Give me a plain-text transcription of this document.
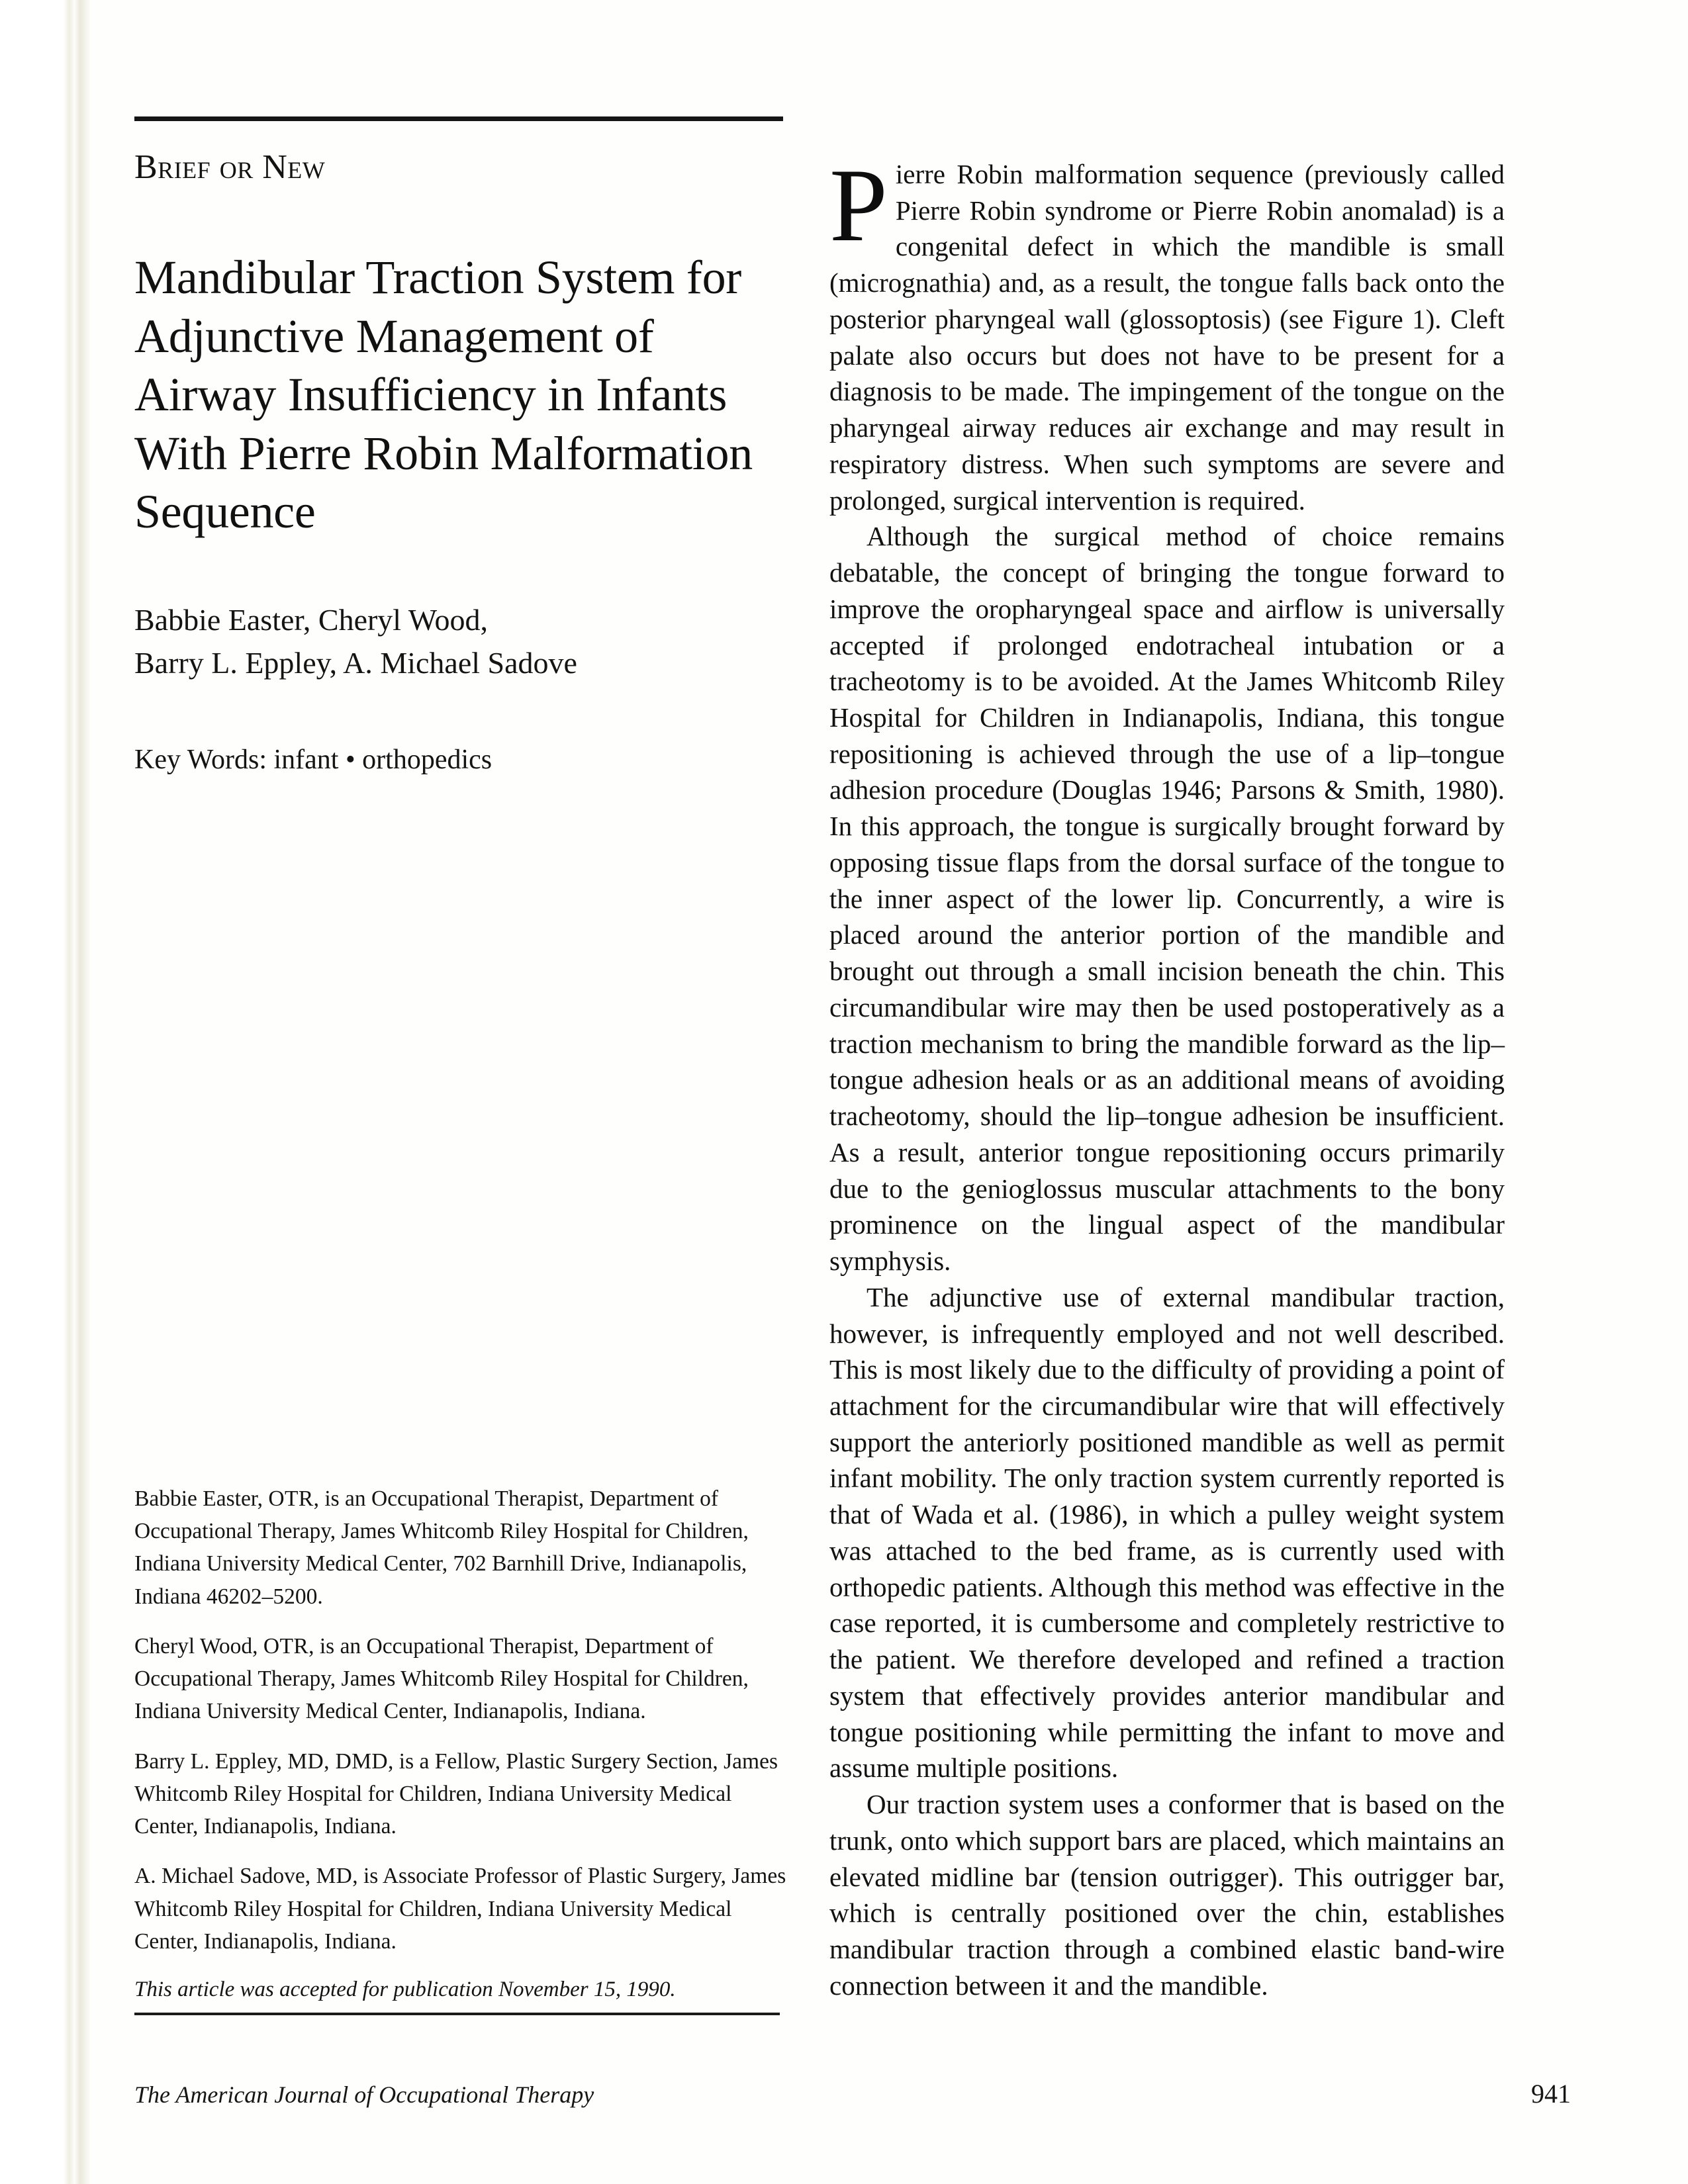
Brief or New
Mandibular Traction System for Adjunctive Management of Airway Insufficiency in Infants With Pierre Robin Malformation Sequence
Babbie Easter, Cheryl Wood,
Barry L. Eppley, A. Michael Sadove
Key Words: infant • orthopedics
Babbie Easter, OTR, is an Occupational Therapist, Department of Occupational Therapy, James Whitcomb Riley Hospital for Children, Indiana University Medical Center, 702 Barnhill Drive, Indianapolis, Indiana 46202–5200.
Cheryl Wood, OTR, is an Occupational Therapist, Department of Occupational Therapy, James Whitcomb Riley Hospital for Children, Indiana University Medical Center, Indianapolis, Indiana.
Barry L. Eppley, MD, DMD, is a Fellow, Plastic Surgery Section, James Whitcomb Riley Hospital for Children, Indiana University Medical Center, Indianapolis, Indiana.
A. Michael Sadove, MD, is Associate Professor of Plastic Surgery, James Whitcomb Riley Hospital for Children, Indiana University Medical Center, Indianapolis, Indiana.
This article was accepted for publication November 15, 1990.

Pierre Robin malformation sequence (previously called Pierre Robin syndrome or Pierre Robin anomalad) is a congenital defect in which the mandible is small (micrognathia) and, as a result, the tongue falls back onto the posterior pharyngeal wall (glossoptosis) (see Figure 1). Cleft palate also occurs but does not have to be present for a diagnosis to be made. The impingement of the tongue on the pharyngeal airway reduces air exchange and may result in respiratory distress. When such symptoms are severe and prolonged, surgical intervention is required.

Although the surgical method of choice remains debatable, the concept of bringing the tongue forward to improve the oropharyngeal space and airflow is universally accepted if prolonged endotracheal intubation or a tracheotomy is to be avoided. At the James Whitcomb Riley Hospital for Children in Indianapolis, Indiana, this tongue repositioning is achieved through the use of a lip–tongue adhesion procedure (Douglas 1946; Parsons & Smith, 1980). In this approach, the tongue is surgically brought forward by opposing tissue flaps from the dorsal surface of the tongue to the inner aspect of the lower lip. Concurrently, a wire is placed around the anterior portion of the mandible and brought out through a small incision beneath the chin. This circumandibular wire may then be used postoperatively as a traction mechanism to bring the mandible forward as the lip–tongue adhesion heals or as an additional means of avoiding tracheotomy, should the lip–tongue adhesion be insufficient. As a result, anterior tongue repositioning occurs primarily due to the genioglossus muscular attachments to the bony prominence on the lingual aspect of the mandibular symphysis.

The adjunctive use of external mandibular traction, however, is infrequently employed and not well described. This is most likely due to the difficulty of providing a point of attachment for the circumandibular wire that will effectively support the anteriorly positioned mandible as well as permit infant mobility. The only traction system currently reported is that of Wada et al. (1986), in which a pulley weight system was attached to the bed frame, as is currently used with orthopedic patients. Although this method was effective in the case reported, it is cumbersome and completely restrictive to the patient. We therefore developed and refined a traction system that effectively provides anterior mandibular and tongue positioning while permitting the infant to move and assume multiple positions.

Our traction system uses a conformer that is based on the trunk, onto which support bars are placed, which maintains an elevated midline bar (tension outrigger). This outrigger bar, which is centrally positioned over the chin, establishes mandibular traction through a combined elastic band-wire connection between it and the mandible.

The American Journal of Occupational Therapy	941
